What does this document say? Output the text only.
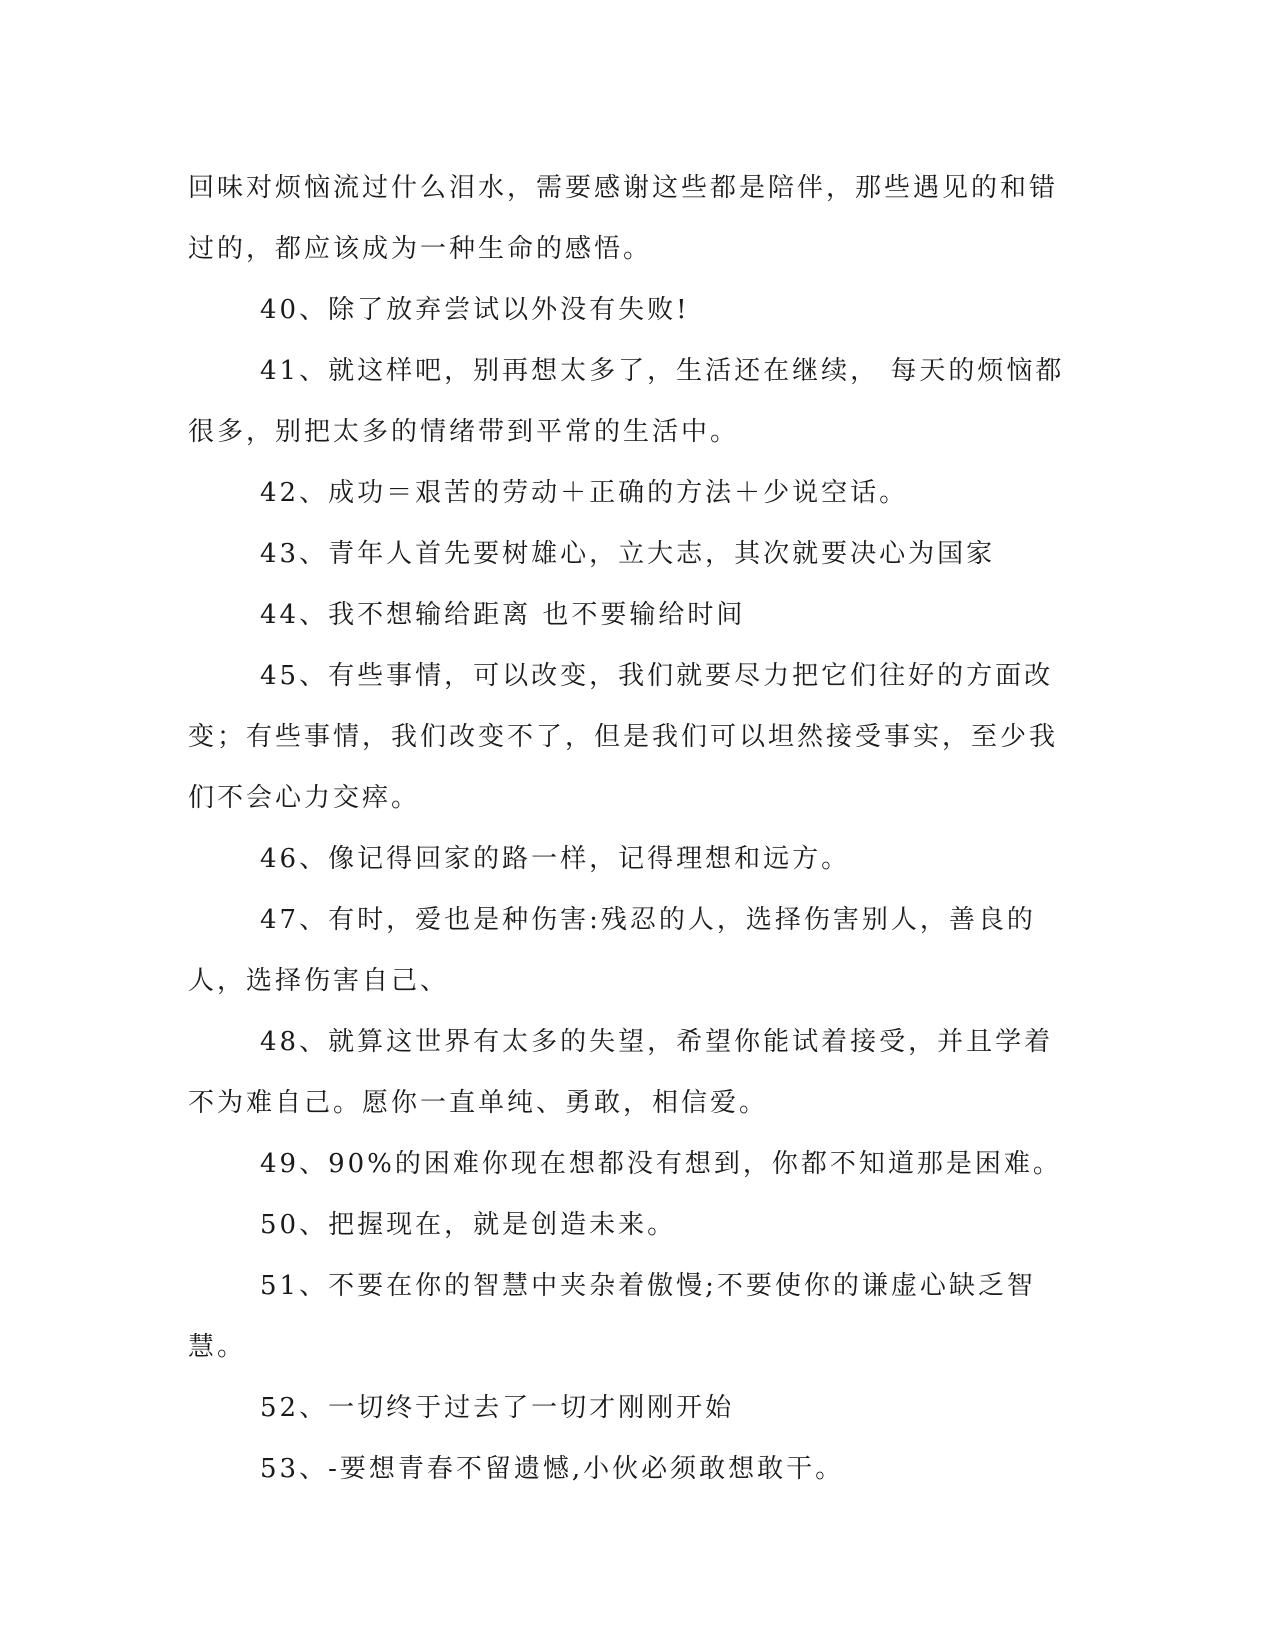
回味对烦恼流过什么泪水，需要感谢这些都是陪伴，那些遇见的和错过的，都应该成为一种生命的感悟。

40、除了放弃尝试以外没有失败!

41、就这样吧，别再想太多了，生活还在继续， 每天的烦恼都很多，别把太多的情绪带到平常的生活中。

42、成功＝艰苦的劳动＋正确的方法＋少说空话。

43、青年人首先要树雄心，立大志，其次就要决心为国家

44、我不想输给距离 也不要输给时间

45、有些事情，可以改变，我们就要尽力把它们往好的方面改变；有些事情，我们改变不了，但是我们可以坦然接受事实，至少我们不会心力交瘁。

46、像记得回家的路一样，记得理想和远方。

47、有时，爱也是种伤害:残忍的人，选择伤害别人，善良的人，选择伤害自己、

48、就算这世界有太多的失望，希望你能试着接受，并且学着不为难自己。愿你一直单纯、勇敢，相信爱。

49、90%的困难你现在想都没有想到，你都不知道那是困难。

50、把握现在，就是创造未来。

51、不要在你的智慧中夹杂着傲慢;不要使你的谦虚心缺乏智慧。

52、一切终于过去了一切才刚刚开始

53、-要想青春不留遗憾,小伙必须敢想敢干。
